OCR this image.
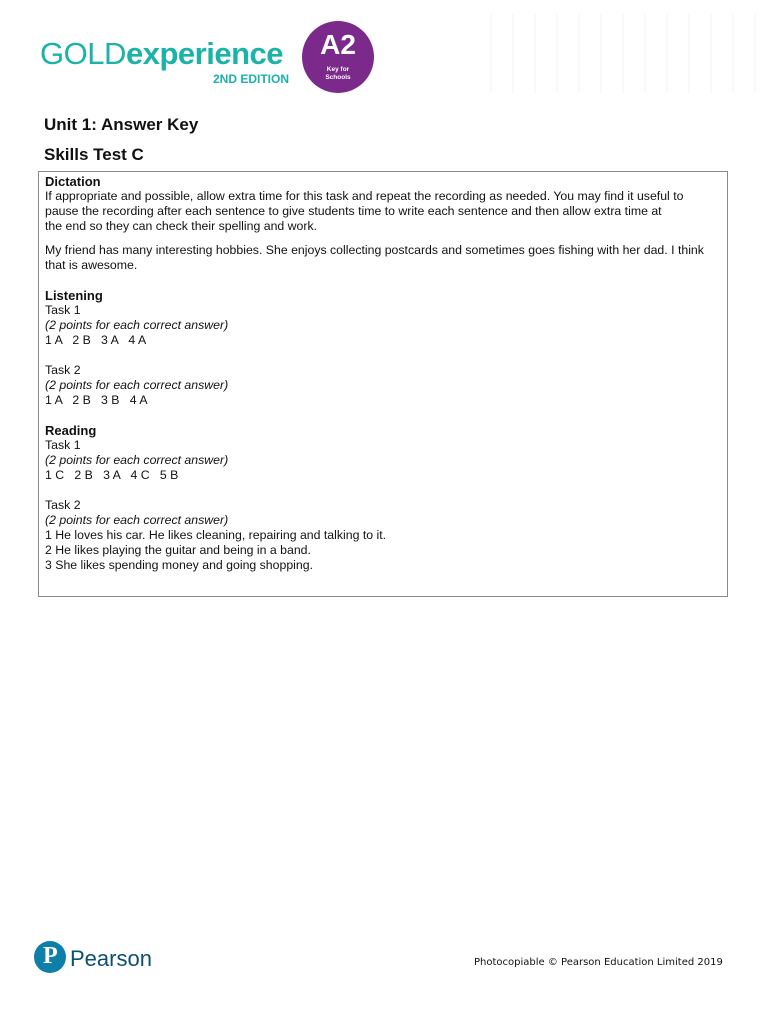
GOLD experience
2ND EDITION
A2
Key for
Schools
Unit 1: Answer Key
Skills Test C

Dictation

If appropriate and possible, allow extra time for this task and repeat the recording as needed. You may find it useful to

pause the recording after each sentence to give students time to write each sentence and then allow extra time at

the end so they can check their spelling and work.

My friend has many interesting hobbies. She enjoys collecting postcards and sometimes goes fishing with her dad. I think

that is awesome.

Listening

Task 1

(2 points for each correct answer)

1 A   2 B   3 A   4 A

Task 2

(2 points for each correct answer)

1 A   2 B   3 B   4 A

Reading

Task 1

(2 points for each correct answer)

1 C   2 B   3 A   4 C   5 B

Task 2

(2 points for each correct answer)

1 He loves his car. He likes cleaning, repairing and talking to it.

2 He likes playing the guitar and being in a band.

3 She likes spending money and going shopping.

P Pearson	Photocopiable © Pearson Education Limited 2019
